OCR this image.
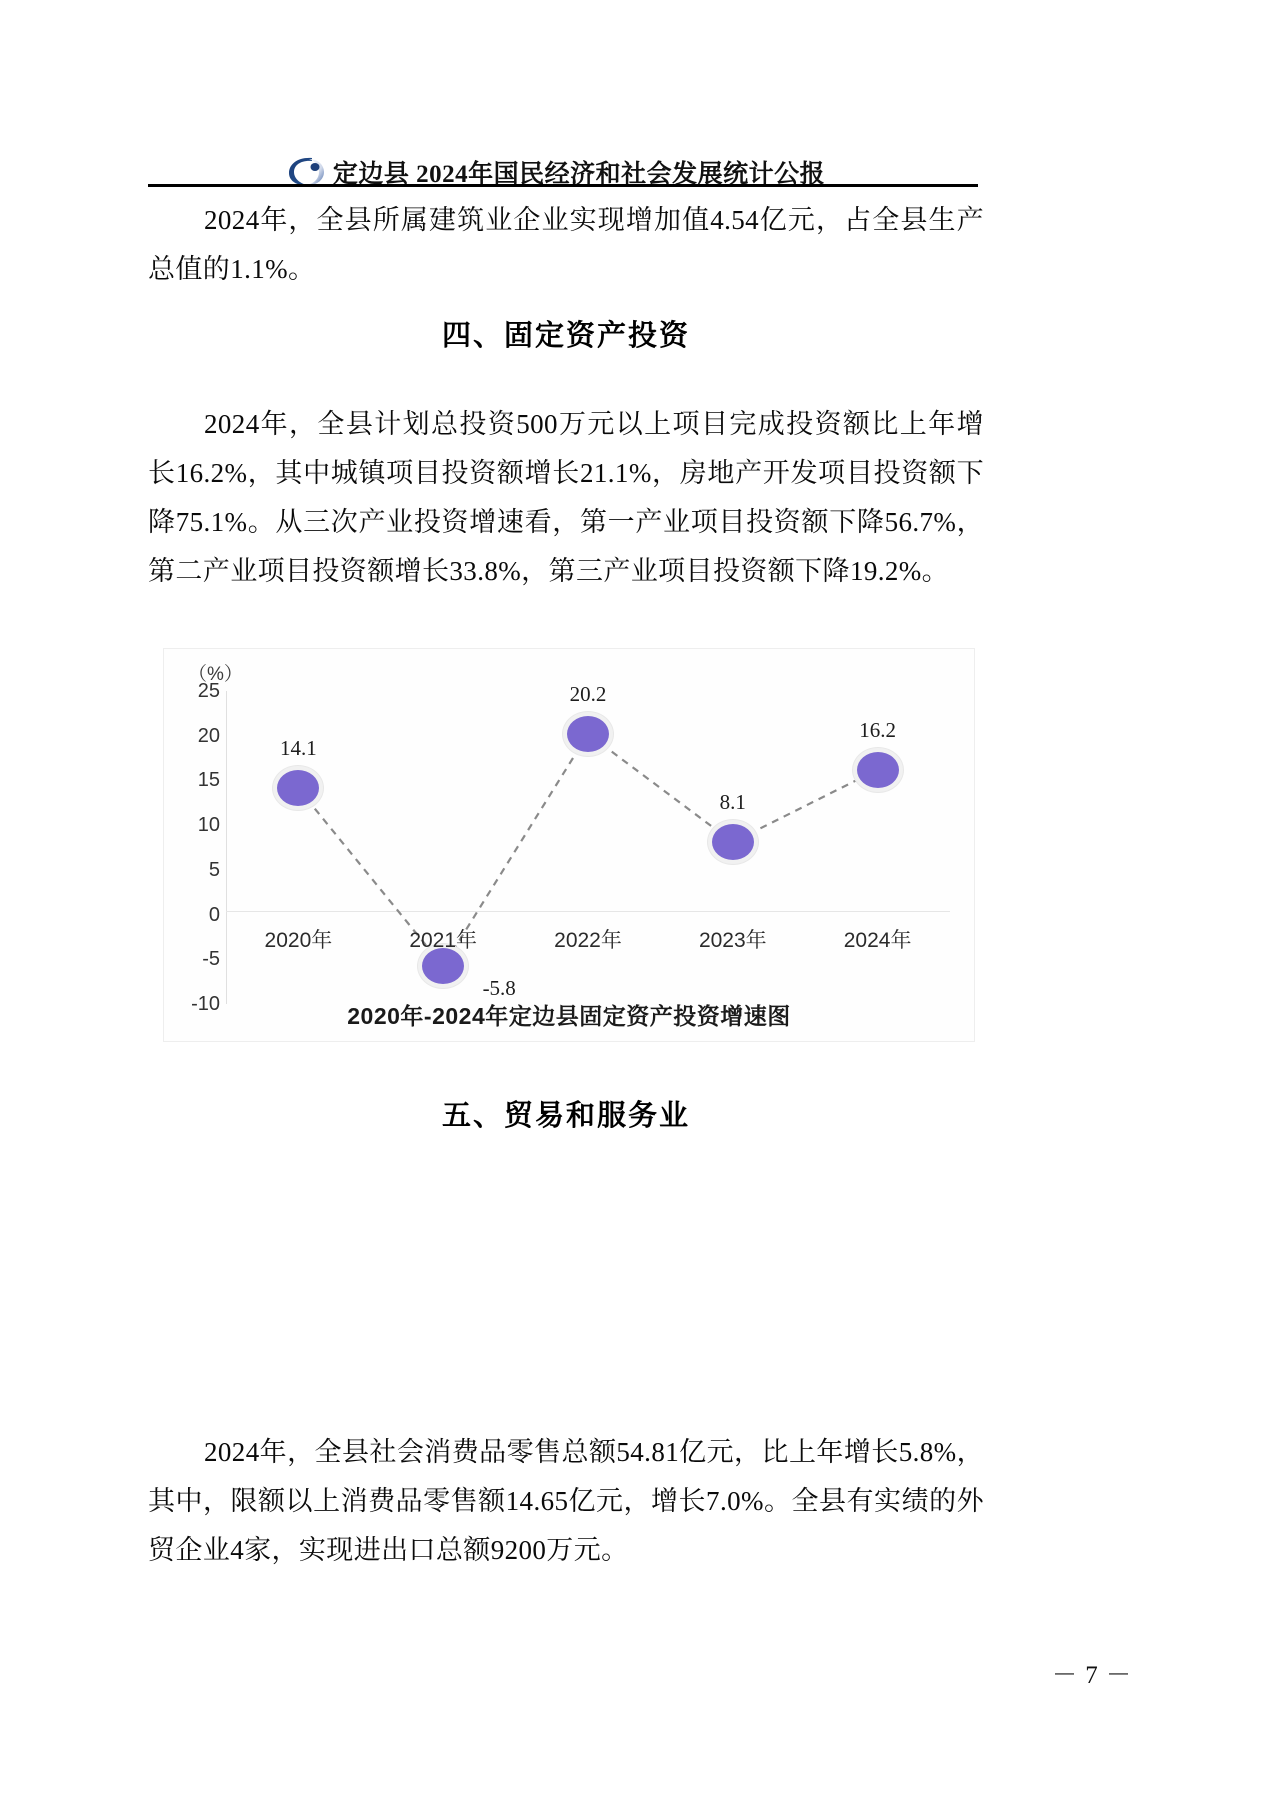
定边县 2024年国民经济和社会发展统计公报

2024年，全县所属建筑业企业实现增加值4.54亿元，占全县生产总值的1.1%。

四、固定资产投资

2024年，全县计划总投资500万元以上项目完成投资额比上年增长16.2%，其中城镇项目投资额增长21.1%，房地产开发项目投资额下降75.1%。从三次产业投资增速看，第一产业项目投资额下降56.7%，第二产业项目投资额增长33.8%，第三产业项目投资额下降19.2%。

（%）
25
20
15
10
5
0
-5
-10
14.1
-5.8
20.2
8.1
16.2
2020年	2021年	2022年	2023年	2024年
2020年-2024年定边县固定资产投资增速图
五、贸易和服务业

2024年，全县社会消费品零售总额54.81亿元，比上年增长5.8%，其中，限额以上消费品零售额14.65亿元，增长7.0%。全县有实绩的外贸企业4家，实现进出口总额9200万元。

－ 7 －
